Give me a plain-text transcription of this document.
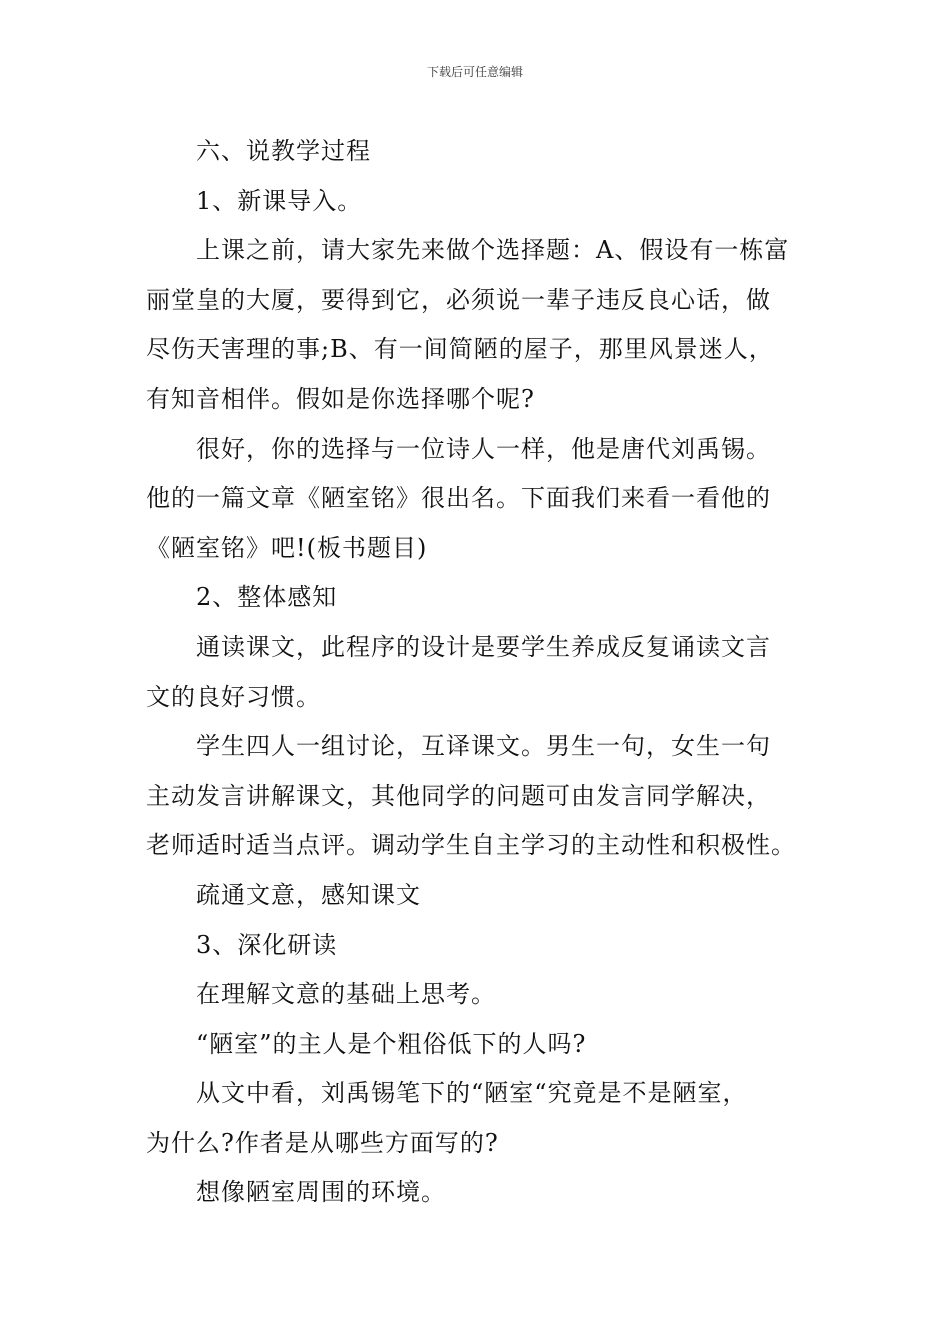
下载后可任意编辑

六、说教学过程

1、新课导入。

上课之前，请大家先来做个选择题：A、假设有一栋富
丽堂皇的大厦，要得到它，必须说一辈子违反良心话，做
尽伤天害理的事;B、有一间简陋的屋子，那里风景迷人，
有知音相伴。假如是你选择哪个呢?

很好，你的选择与一位诗人一样，他是唐代刘禹锡。
他的一篇文章《陋室铭》很出名。下面我们来看一看他的
《陋室铭》吧!(板书题目)

2、整体感知

通读课文，此程序的设计是要学生养成反复诵读文言
文的良好习惯。

学生四人一组讨论，互译课文。男生一句，女生一句
主动发言讲解课文，其他同学的问题可由发言同学解决，
老师适时适当点评。调动学生自主学习的主动性和积极性。

疏通文意，感知课文

3、深化研读

在理解文意的基础上思考。

“陋室”的主人是个粗俗低下的人吗?

从文中看，刘禹锡笔下的“陋室“究竟是不是陋室，
为什么?作者是从哪些方面写的?

想像陋室周围的环境。
